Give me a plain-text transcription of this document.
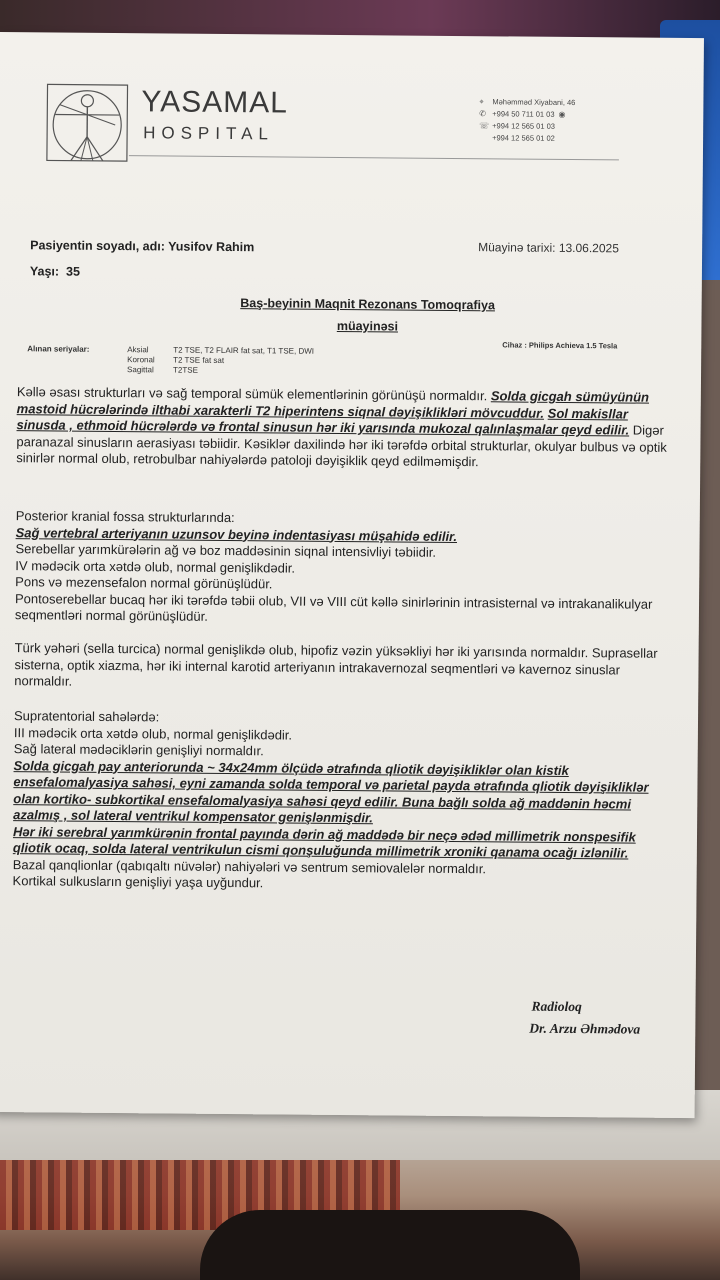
YASAMAL
HOSPITAL
⌖	Məhəmməd Xiyabani, 46
✆ +994 50 711 01 03 ◉
☏ +994 12 565 01 03
+994 12 565 01 02
Pasiyentin soyadı, adı: Yusifov Rahim	Müayinə tarixi: 13.06.2025
Yaşı: 35
Baş-beyinin Maqnit Rezonans Tomoqrafiya
müayinəsi
Cihaz : Philips Achieva 1.5 Tesla
Alınan seriyalar:	Aksial	T2 TSE, T2 FLAIR fat sat, T1 TSE, DWI
Koronal T2 TSE fat sat
Sagittal T2TSE

Kəllə əsası strukturları və sağ temporal sümük elementlərinin görünüşü normaldır. Solda gicgah sümüyünün mastoid hücrələrində ilthabi xarakterli T2 hiperintens siqnal dəyişiklikləri mövcuddur. Sol makisllar sinusda , ethmoid hücrələrdə və frontal sinusun hər iki yarısında mukozal qalınlaşmalar qeyd edilir. Digər paranazal sinusların aerasiyası təbiidir. Kəsiklər daxilində hər iki tərəfdə orbital strukturlar, okulyar bulbus və optik sinirlər normal olub, retrobulbar nahiyələrdə patoloji dəyişiklik qeyd edilməmişdir.

Posterior kranial fossa strukturlarında:

Sağ vertebral arteriyanın uzunsov beyinə indentasiyası müşahidə edilir.

Serebellar yarımkürələrin ağ və boz maddəsinin siqnal intensivliyi təbiidir.

IV mədəcik orta xətdə olub, normal genişlikdədir.

Pons və mezensefalon normal görünüşlüdür.

Pontoserebellar bucaq hər iki tərəfdə təbii olub, VII və VIII cüt kəllə sinirlərinin intrasisternal və intrakanalikulyar seqmentləri normal görünüşlüdür.

Türk yəhəri (sella turcica) normal genişlikdə olub, hipofiz vəzin yüksəkliyi hər iki yarısında normaldır. Suprasellar sisterna, optik xiazma, hər iki internal karotid arteriyanın intrakavernozal seqmentləri və kavernoz sinuslar normaldır.

Supratentorial sahələrdə:

III mədəcik orta xətdə olub, normal genişlikdədir.

Sağ lateral mədəciklərin genişliyi normaldır.

Solda gicgah pay anteriorunda ~ 34x24mm ölçüdə ətrafında qliotik dəyişikliklər olan kistik ensefalomalyasiya sahəsi, eyni zamanda solda temporal və parietal payda ətrafında qliotik dəyişikliklər olan kortiko- subkortikal ensefalomalyasiya sahəsi qeyd edilir. Buna bağlı solda ağ maddənin həcmi azalmış , sol lateral ventrikul kompensator genişlənmişdir.

Hər iki serebral yarımkürənin frontal payında dərin ağ maddədə bir neçə ədəd millimetrik nonspesifik qliotik ocaq, solda lateral ventrikulun cismi qonşuluğunda millimetrik xroniki qanama ocağı izlənilir.

Bazal qanqlionlar (qabıqaltı nüvələr) nahiyələri və sentrum semiovalelər normaldır.

Kortikal sulkusların genişliyi yaşa uyğundur.

Radioloq
Dr. Arzu Əhmədova
